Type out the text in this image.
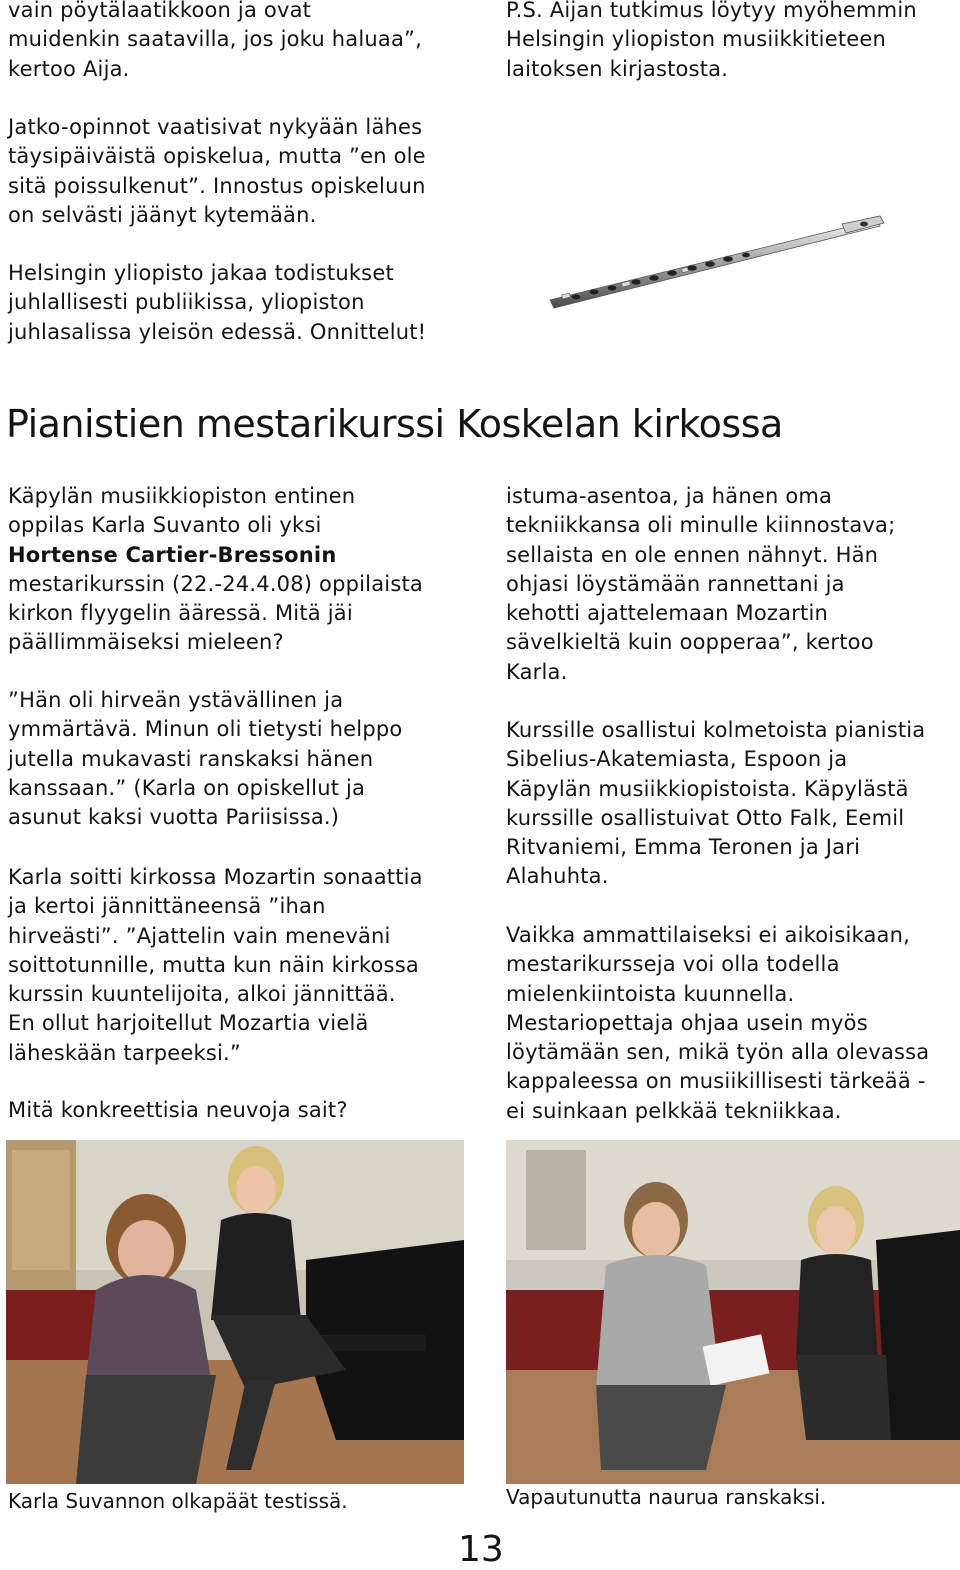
vain pöytälaatikkoon ja ovat
muidenkin saatavilla, jos joku haluaa”,
kertoo Aija.

Jatko-opinnot vaatisivat nykyään lähes
täysipäiväistä opiskelua, mutta ”en ole
sitä poissulkenut”. Innostus opiskeluun
on selvästi jäänyt kytemään.

Helsingin yliopisto jakaa todistukset
juhlallisesti publiikissa, yliopiston
juhlasalissa yleisön edessä. Onnittelut!

P.S. Aijan tutkimus löytyy myöhemmin
Helsingin yliopiston musiikkitieteen
laitoksen kirjastosta.

Pianistien mestarikurssi Koskelan kirkossa

Käpylän musiikkiopiston entinen
oppilas Karla Suvanto oli yksi
Hortense Cartier-Bressonin
mestarikurssin (22.-24.4.08) oppilaista
kirkon flyygelin ääressä. Mitä jäi
päällimmäiseksi mieleen?

”Hän oli hirveän ystävällinen ja
ymmärtävä. Minun oli tietysti helppo
jutella mukavasti ranskaksi hänen
kanssaan.” (Karla on opiskellut ja
asunut kaksi vuotta Pariisissa.)

Karla soitti kirkossa Mozartin sonaattia
ja kertoi jännittäneensä ”ihan
hirveästi”. ”Ajattelin vain meneväni
soittotunnille, mutta kun näin kirkossa
kurssin kuuntelijoita, alkoi jännittää.
En ollut harjoitellut Mozartia vielä
läheskään tarpeeksi.”

Mitä konkreettisia neuvoja sait?

istuma-asentoa, ja hänen oma
tekniikkansa oli minulle kiinnostava;
sellaista en ole ennen nähnyt. Hän
ohjasi löystämään rannettani ja
kehotti ajattelemaan Mozartin
sävelkieltä kuin oopperaa”, kertoo
Karla.

Kurssille osallistui kolmetoista pianistia
Sibelius-Akatemiasta, Espoon ja
Käpylän musiikkiopistoista. Käpylästä
kurssille osallistuivat Otto Falk, Eemil
Ritvaniemi, Emma Teronen ja Jari
Alahuhta.

Vaikka ammattilaiseksi ei aikoisikaan,
mestarikursseja voi olla todella
mielenkiintoista kuunnella.
Mestariopettaja ohjaa usein myös
löytämään sen, mikä työn alla olevassa
kappaleessa on musiikillisesti tärkeää -
ei suinkaan pelkkää tekniikkaa.

Karla Suvannon olkapäät testissä.	Vapautunutta naurua ranskaksi.
13
